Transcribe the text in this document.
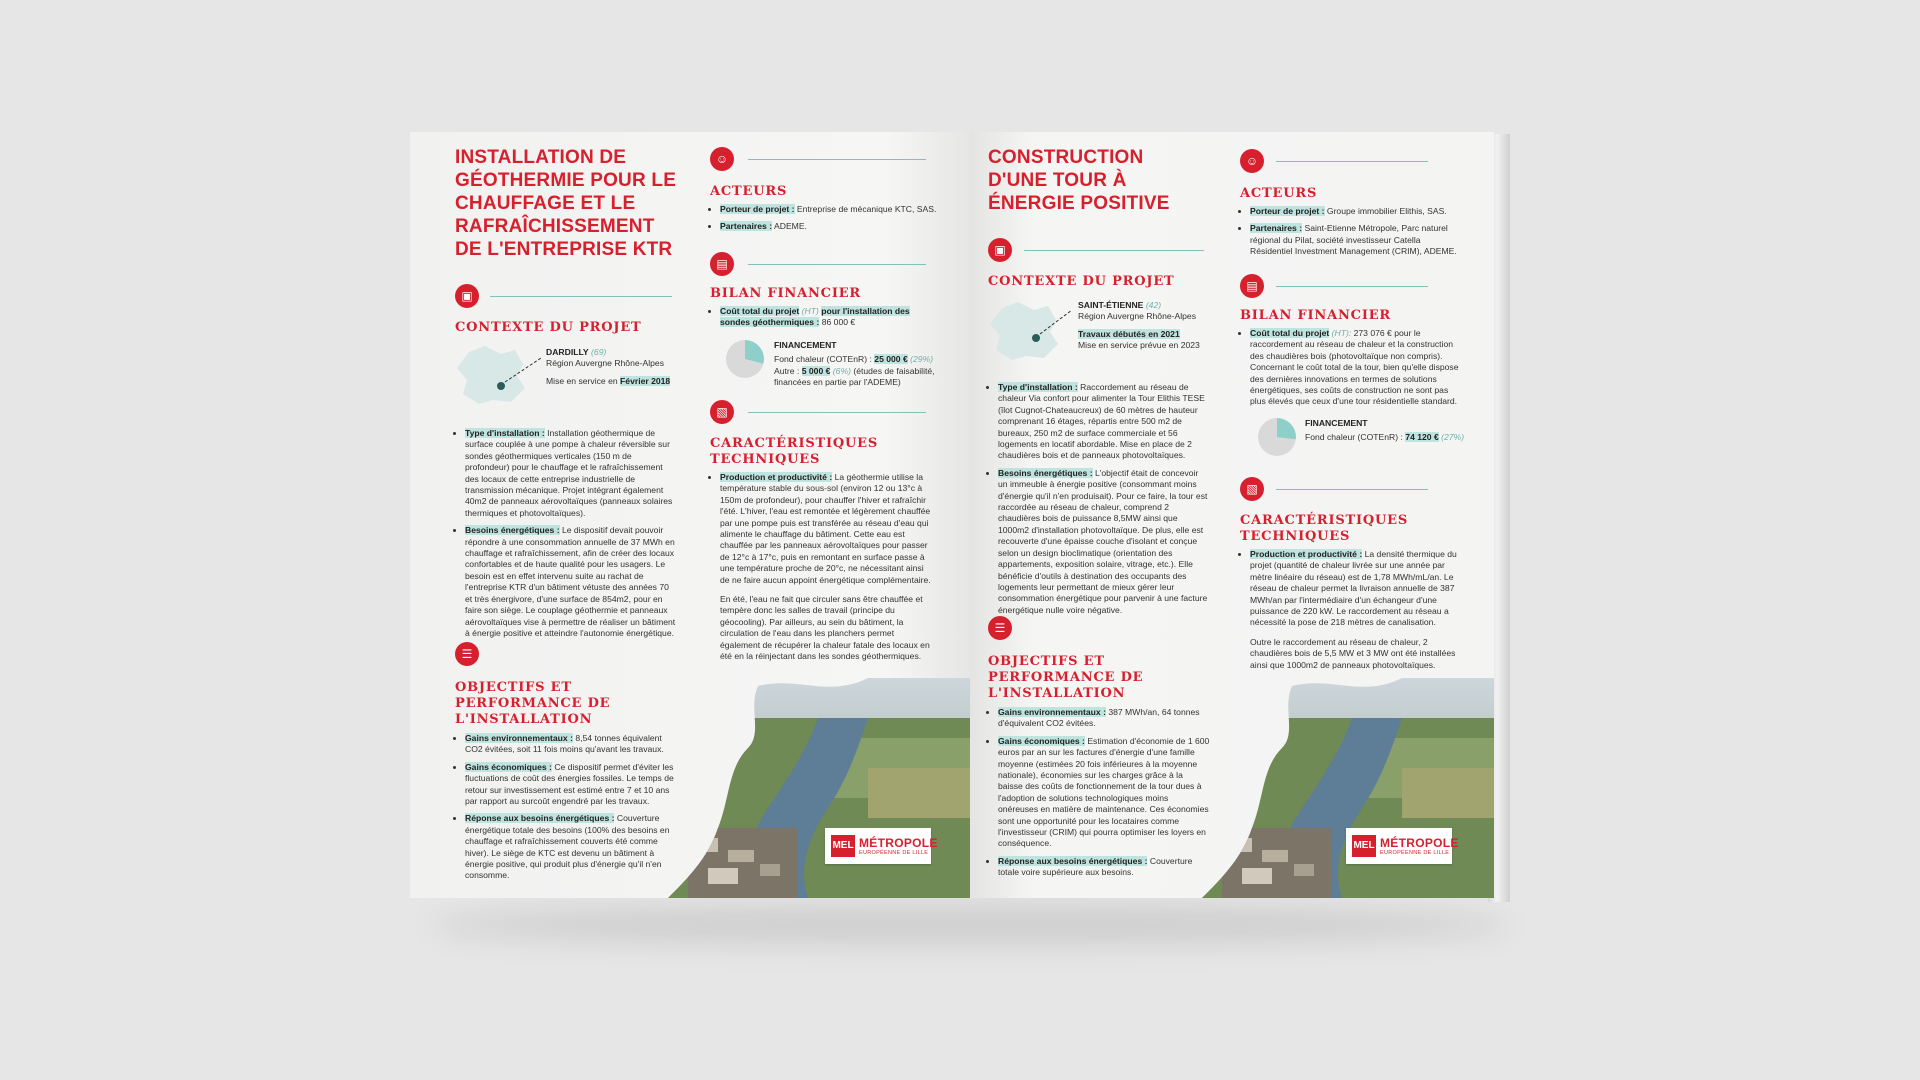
INSTALLATION DE GÉOTHERMIE POUR LE CHAUFFAGE ET LE RAFRAÎCHISSEMENT DE L'ENTREPRISE KTR
▣
CONTEXTE DU PROJET
DARDILLY (69)
Région Auvergne Rhône-Alpes
Mise en service en Février 2018
• Type d'installation : Installation géothermique de surface couplée à une pompe à chaleur réversible sur sondes géothermiques verticales (150 m de profondeur) pour le chauffage et le rafraîchissement des locaux de cette entreprise industrielle de transmission mécanique. Projet intégrant également 40m2 de panneaux aérovoltaïques (panneaux solaires thermiques et photovoltaïques).
• Besoins énergétiques : Le dispositif devait pouvoir répondre à une consommation annuelle de 37 MWh en chauffage et rafraîchissement, afin de créer des locaux confortables et de haute qualité pour les usagers. Le besoin est en effet intervenu suite au rachat de l'entreprise KTR d'un bâtiment vétuste des années 70 et très énergivore, d'une surface de 854m2, pour en faire son siège. Le couplage géothermie et panneaux aérovoltaïques vise à permettre de réaliser un bâtiment à énergie positive et atteindre l'autonomie énergétique.
☰
OBJECTIFS ET PERFORMANCE DE L'INSTALLATION
• Gains environnementaux : 8,54 tonnes équivalent CO2 évitées, soit 11 fois moins qu'avant les travaux.
• Gains économiques : Ce dispositif permet d'éviter les fluctuations de coût des énergies fossiles. Le temps de retour sur investissement est estimé entre 7 et 10 ans par rapport au surcoût engendré par les travaux.
• Réponse aux besoins énergétiques : Couverture énergétique totale des besoins (100% des besoins en chauffage et rafraîchissement couverts été comme hiver). Le siège de KTC est devenu un bâtiment à énergie positive, qui produit plus d'énergie qu'il n'en consomme.
☺
ACTEURS
• Porteur de projet : Entreprise de mécanique KTC, SAS.
• Partenaires : ADEME.
▤
BILAN FINANCIER
• Coût total du projet (HT) pour l'installation des sondes géothermiques : 86 000 €
FINANCEMENT
Fond chaleur (COTEnR) : 25 000 € (29%)
Autre : 5 000 € (6%) (études de faisabilité, financées en partie par l'ADEME)
▧
CARACTÉRISTIQUES TECHNIQUES
• Production et productivité : La géothermie utilise la température stable du sous-sol (environ 12 ou 13°c à 150m de profondeur), pour chauffer l'hiver et rafraîchir l'été. L'hiver, l'eau est remontée et légèrement chauffée par une pompe puis est transférée au réseau d'eau qui alimente le chauffage du bâtiment. Cette eau est chauffée par les panneaux aérovoltaïques pour passer de 12°c à 17°c, puis en remontant en surface passe à une température proche de 20°c, ne nécessitant ainsi de ne faire aucun appoint énergétique complémentaire.
En été, l'eau ne fait que circuler sans être chauffée et tempère donc les salles de travail (principe du géocooling). Par ailleurs, au sein du bâtiment, la circulation de l'eau dans les planchers permet également de récupérer la chaleur fatale des locaux en été en la réinjectant dans les sondes géothermiques.
MEL MÉTROPOLE
EUROPÉENNE DE LILLE
CONSTRUCTION D'UNE TOUR À ÉNERGIE POSITIVE
▣
CONTEXTE DU PROJET
SAINT-ÉTIENNE (42)
Région Auvergne Rhône-Alpes
Travaux débutés en 2021
Mise en service prévue en 2023
• Type d'installation : Raccordement au réseau de chaleur Via confort pour alimenter la Tour Elithis TESE (îlot Cugnot-Chateaucreux) de 60 mètres de hauteur comprenant 16 étages, répartis entre 500 m2 de bureaux, 250 m2 de surface commerciale et 56 logements en locatif abordable. Mise en place de 2 chaudières bois et de panneaux photovoltaïques.
• Besoins énergétiques : L'objectif était de concevoir un immeuble à énergie positive (consommant moins d'énergie qu'il n'en produisait). Pour ce faire, la tour est raccordée au réseau de chaleur, comprend 2 chaudières bois de puissance 8,5MW ainsi que 1000m2 d'installation photovoltaïque. De plus, elle est recouverte d'une épaisse couche d'isolant et conçue selon un design bioclimatique (orientation des appartements, exposition solaire, vitrage, etc.). Elle bénéficie d'outils à destination des occupants des logements leur permettant de mieux gérer leur consommation énergétique pour parvenir à une facture énergétique nulle voire négative.
☰
OBJECTIFS ET PERFORMANCE DE L'INSTALLATION
• Gains environnementaux : 387 MWh/an, 64 tonnes d'équivalent CO2 évitées.
• Gains économiques : Estimation d'économie de 1 600 euros par an sur les factures d'énergie d'une famille moyenne (estimées 20 fois inférieures à la moyenne nationale), économies sur les charges grâce à la baisse des coûts de fonctionnement de la tour dues à l'adoption de solutions technologiques moins onéreuses en matière de maintenance. Ces économies sont une opportunité pour les locataires comme l'investisseur (CRIM) qui pourra optimiser les loyers en conséquence.
• Réponse aux besoins énergétiques : Couverture totale voire supérieure aux besoins.
☺
ACTEURS
• Porteur de projet : Groupe immobilier Elithis, SAS.
• Partenaires : Saint-Etienne Métropole, Parc naturel régional du Pilat, société investisseur Catella Résidentiel Investment Management (CRIM), ADEME.
▤
BILAN FINANCIER
• Coût total du projet (HT): 273 076 € pour le raccordement au réseau de chaleur et la construction des chaudières bois (photovoltaïque non compris). Concernant le coût total de la tour, bien qu'elle dispose des dernières innovations en termes de solutions énergétiques, ses coûts de construction ne sont pas plus élevés que ceux d'une tour résidentielle standard.
FINANCEMENT
Fond chaleur (COTEnR) : 74 120 € (27%)
▧
CARACTÉRISTIQUES TECHNIQUES
• Production et productivité : La densité thermique du projet (quantité de chaleur livrée sur une année par mètre linéaire du réseau) est de 1,78 MWh/mL/an. Le réseau de chaleur permet la livraison annuelle de 387 MWh/an par l'intermédiaire d'un échangeur d'une puissance de 220 kW. Le raccordement au réseau a nécessité la pose de 218 mètres de canalisation.
Outre le raccordement au réseau de chaleur, 2 chaudières bois de 5,5 MW et 3 MW ont été installées ainsi que 1000m2 de panneaux photovoltaïques.
MEL MÉTROPOLE
EUROPÉENNE DE LILLE
